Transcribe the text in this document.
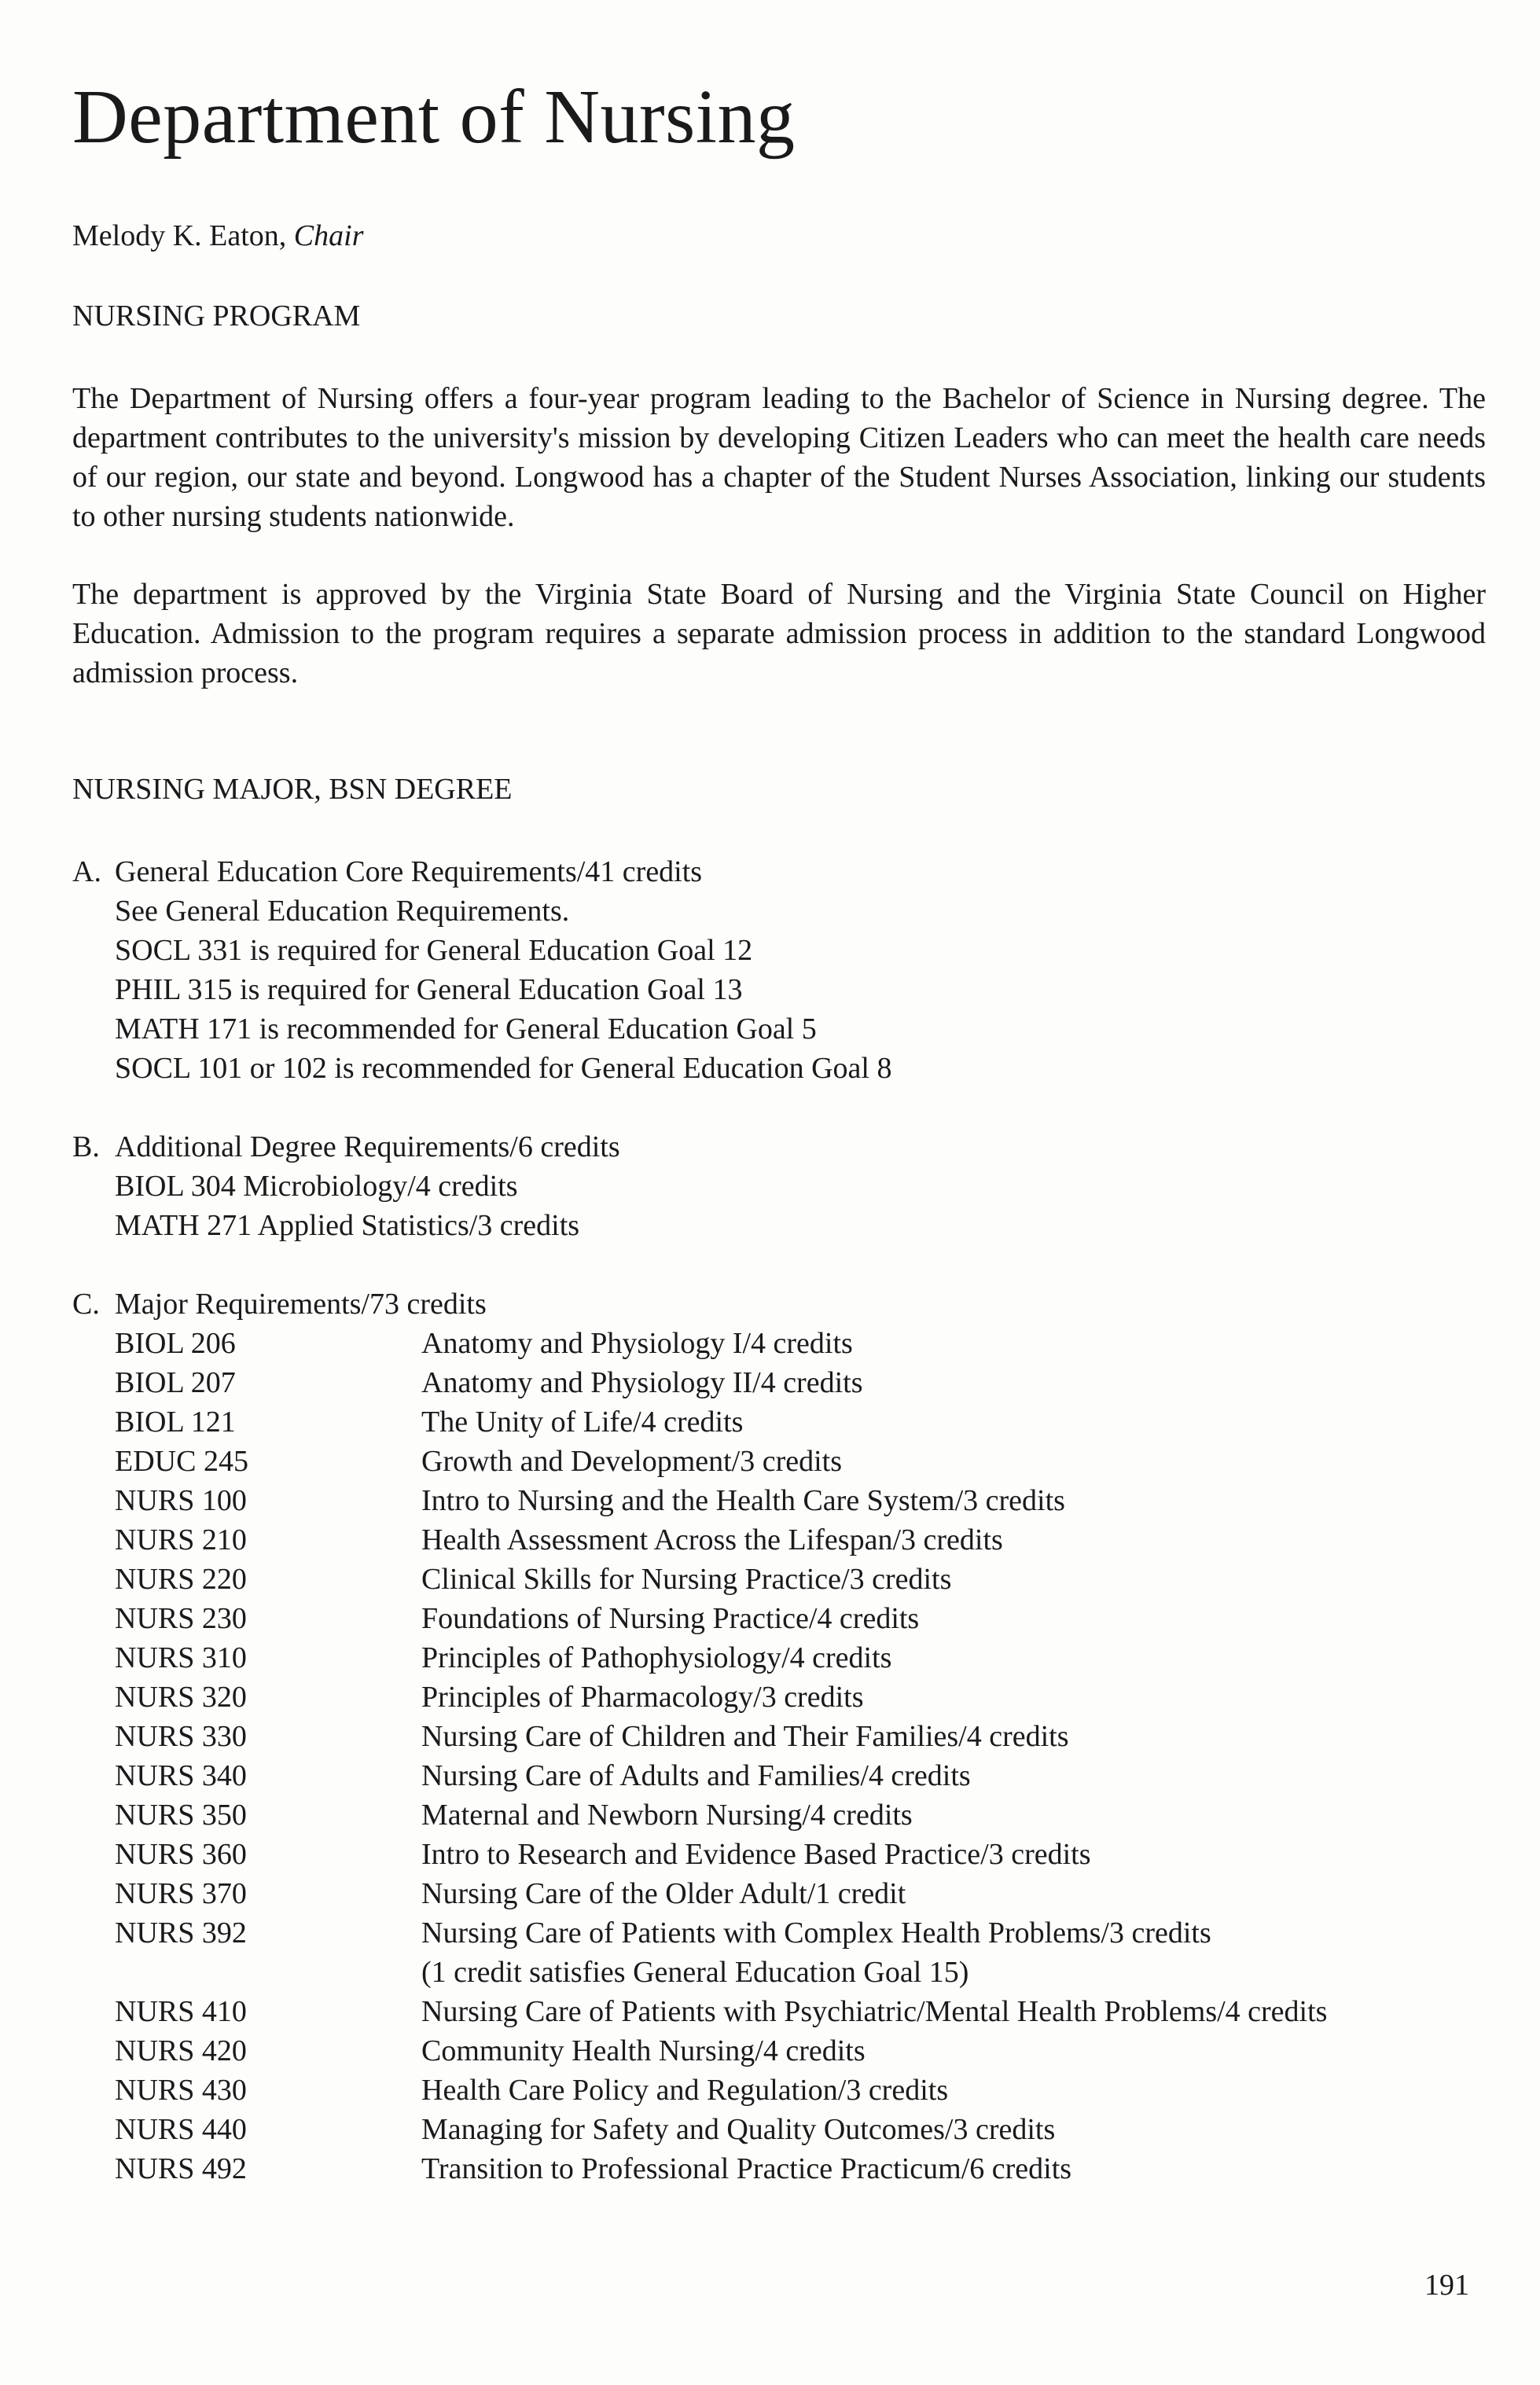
Department of Nursing
Melody K. Eaton, Chair
NURSING PROGRAM

The Department of Nursing offers a four-year program leading to the Bachelor of Science in Nursing degree. The department contributes to the university's mission by developing Citizen Leaders who can meet the health care needs of our region, our state and beyond. Longwood has a chapter of the Student Nurses Association, linking our students to other nursing students nationwide.

The department is approved by the Virginia State Board of Nursing and the Virginia State Council on Higher Education. Admission to the program requires a separate admission process in addition to the standard Longwood admission process.

NURSING MAJOR, BSN DEGREE
A. General Education Core Requirements/41 credits
See General Education Requirements.
SOCL 331 is required for General Education Goal 12
PHIL 315 is required for General Education Goal 13
MATH 171 is recommended for General Education Goal 5
SOCL 101 or 102 is recommended for General Education Goal 8
B. Additional Degree Requirements/6 credits
BIOL 304 Microbiology/4 credits
MATH 271 Applied Statistics/3 credits
C. Major Requirements/73 credits
BIOL 206	Anatomy and Physiology I/4 credits
BIOL 207	Anatomy and Physiology II/4 credits
BIOL 121	The Unity of Life/4 credits
EDUC 245	Growth and Development/3 credits
NURS 100	Intro to Nursing and the Health Care System/3 credits
NURS 210	Health Assessment Across the Lifespan/3 credits
NURS 220	Clinical Skills for Nursing Practice/3 credits
NURS 230	Foundations of Nursing Practice/4 credits
NURS 310	Principles of Pathophysiology/4 credits
NURS 320	Principles of Pharmacology/3 credits
NURS 330	Nursing Care of Children and Their Families/4 credits
NURS 340	Nursing Care of Adults and Families/4 credits
NURS 350	Maternal and Newborn Nursing/4 credits
NURS 360	Intro to Research and Evidence Based Practice/3 credits
NURS 370	Nursing Care of the Older Adult/1 credit
NURS 392	Nursing Care of Patients with Complex Health Problems/3 credits
(1 credit satisfies General Education Goal 15)
NURS 410	Nursing Care of Patients with Psychiatric/Mental Health Problems/4 credits
NURS 420	Community Health Nursing/4 credits
NURS 430	Health Care Policy and Regulation/3 credits
NURS 440	Managing for Safety and Quality Outcomes/3 credits
NURS 492	Transition to Professional Practice Practicum/6 credits
191
